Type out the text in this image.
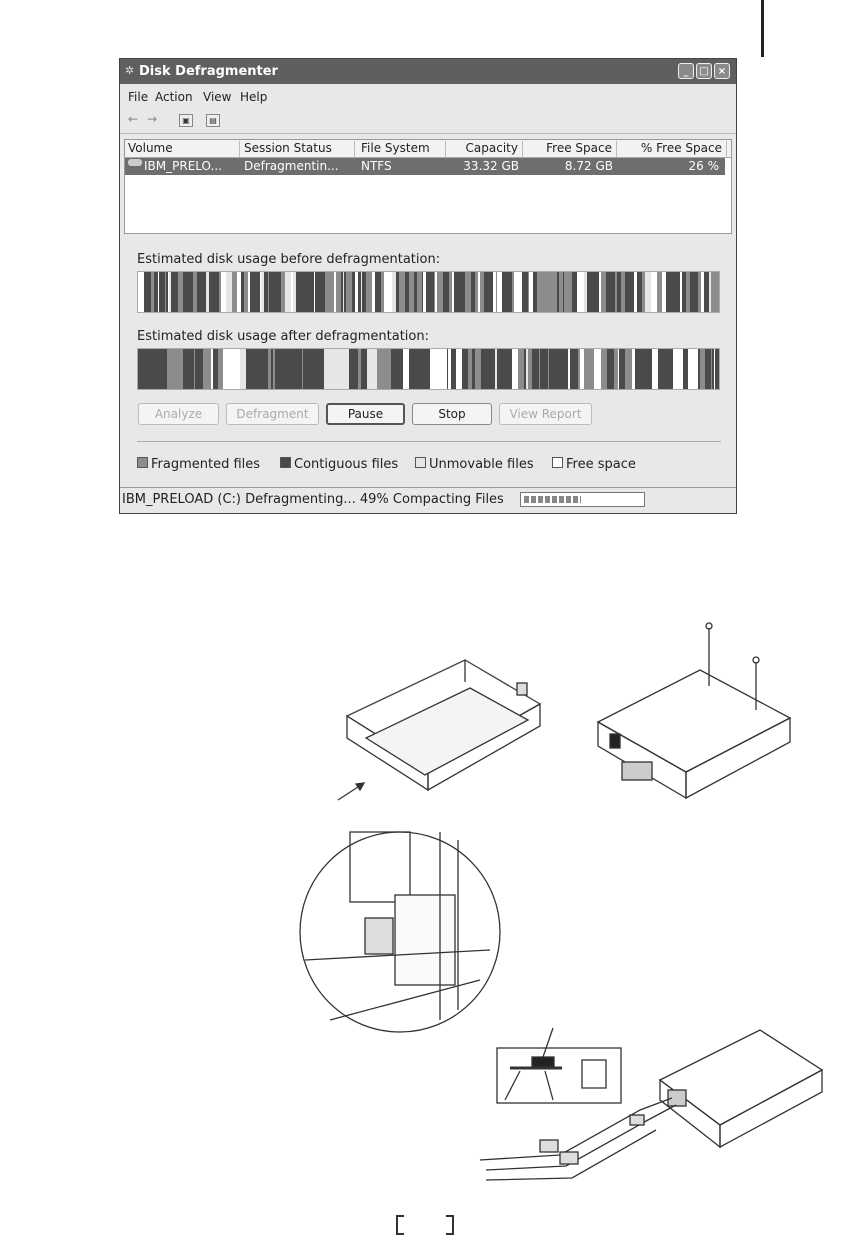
✲ Disk Defragmenter	_	□ ×
File Action View Help
← →	▣	▤
Volume	Session Status	File System	Capacity	Free Space	% Free Space
IBM_PRELO...	Defragmentin...	NTFS	33.32 GB	8.72 GB	26 %
Estimated disk usage before defragmentation:
Estimated disk usage after defragmentation:
Analyze	Defragment	Pause	Stop	View Report
Fragmented files	Contiguous files	Unmovable files	Free space
IBM_PRELOAD (C:) Defragmenting... 49% Compacting Files
